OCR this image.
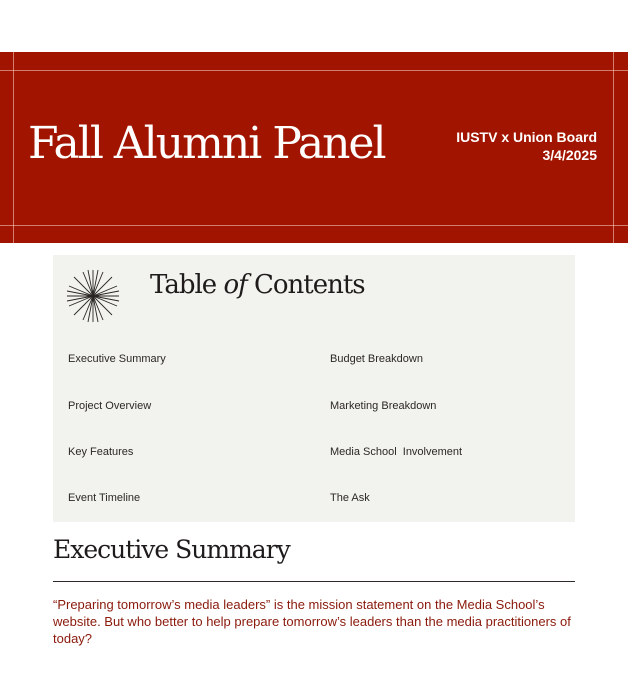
Fall Alumni Panel	IUSTV x Union Board
3/4/2025
Table of Contents
Executive Summary
Project Overview
Key Features
Event Timeline
Budget Breakdown
Marketing Breakdown
Media School  Involvement
The Ask
Executive Summary
“Preparing tomorrow’s media leaders” is the mission statement on the Media School’s website. But who better to help prepare tomorrow’s leaders than the media practitioners of today?
